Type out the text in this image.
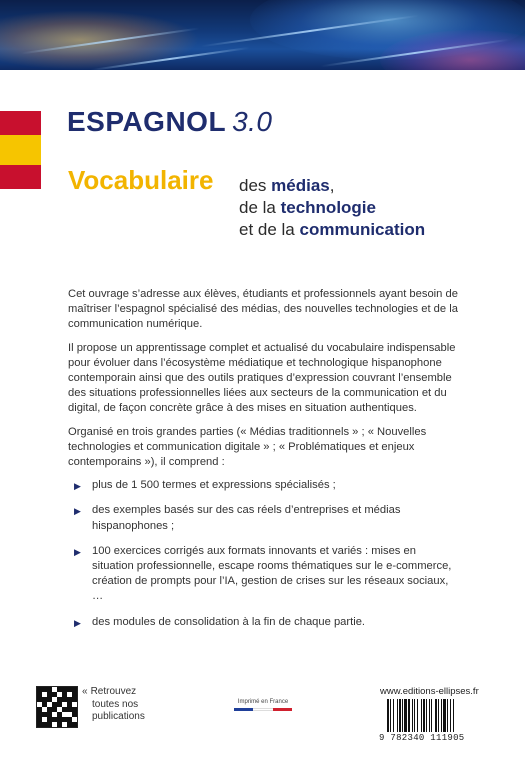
ESPAGNOL 3.0
Vocabulaire des médias,
de la technologie
et de la communication

Cet ouvrage s’adresse aux élèves, étudiants et professionnels ayant besoin de maîtriser l’espagnol spécialisé des médias, des nouvelles technologies et de la communication numérique.

Il propose un apprentissage complet et actualisé du vocabulaire indispensable pour évoluer dans l’écosystème médiatique et technologique hispanophone contemporain ainsi que des outils pratiques d’expression couvrant l’ensemble des situations professionnelles liées aux secteurs de la communication et du digital, de façon concrète grâce à des mises en situation authentiques.

Organisé en trois grandes parties (« Médias traditionnels » ; « Nouvelles technologies et communication digitale » ; « Problématiques et enjeux contemporains »), il comprend :

▶ plus de 1 500 termes et expressions spécialisés ;
▶ des exemples basés sur des cas réels d’entreprises et médias hispanophones ;
▶ 100 exercices corrigés aux formats innovants et variés : mises en situation professionnelle, escape rooms thématiques sur le e-commerce, création de prompts pour l’IA, gestion de crises sur les réseaux sociaux, …
▶ des modules de consolidation à la fin de chaque partie.
« Retrouvez
toutes nos
publications
Imprimé en France
www.editions-ellipses.fr
9 782340 111905
